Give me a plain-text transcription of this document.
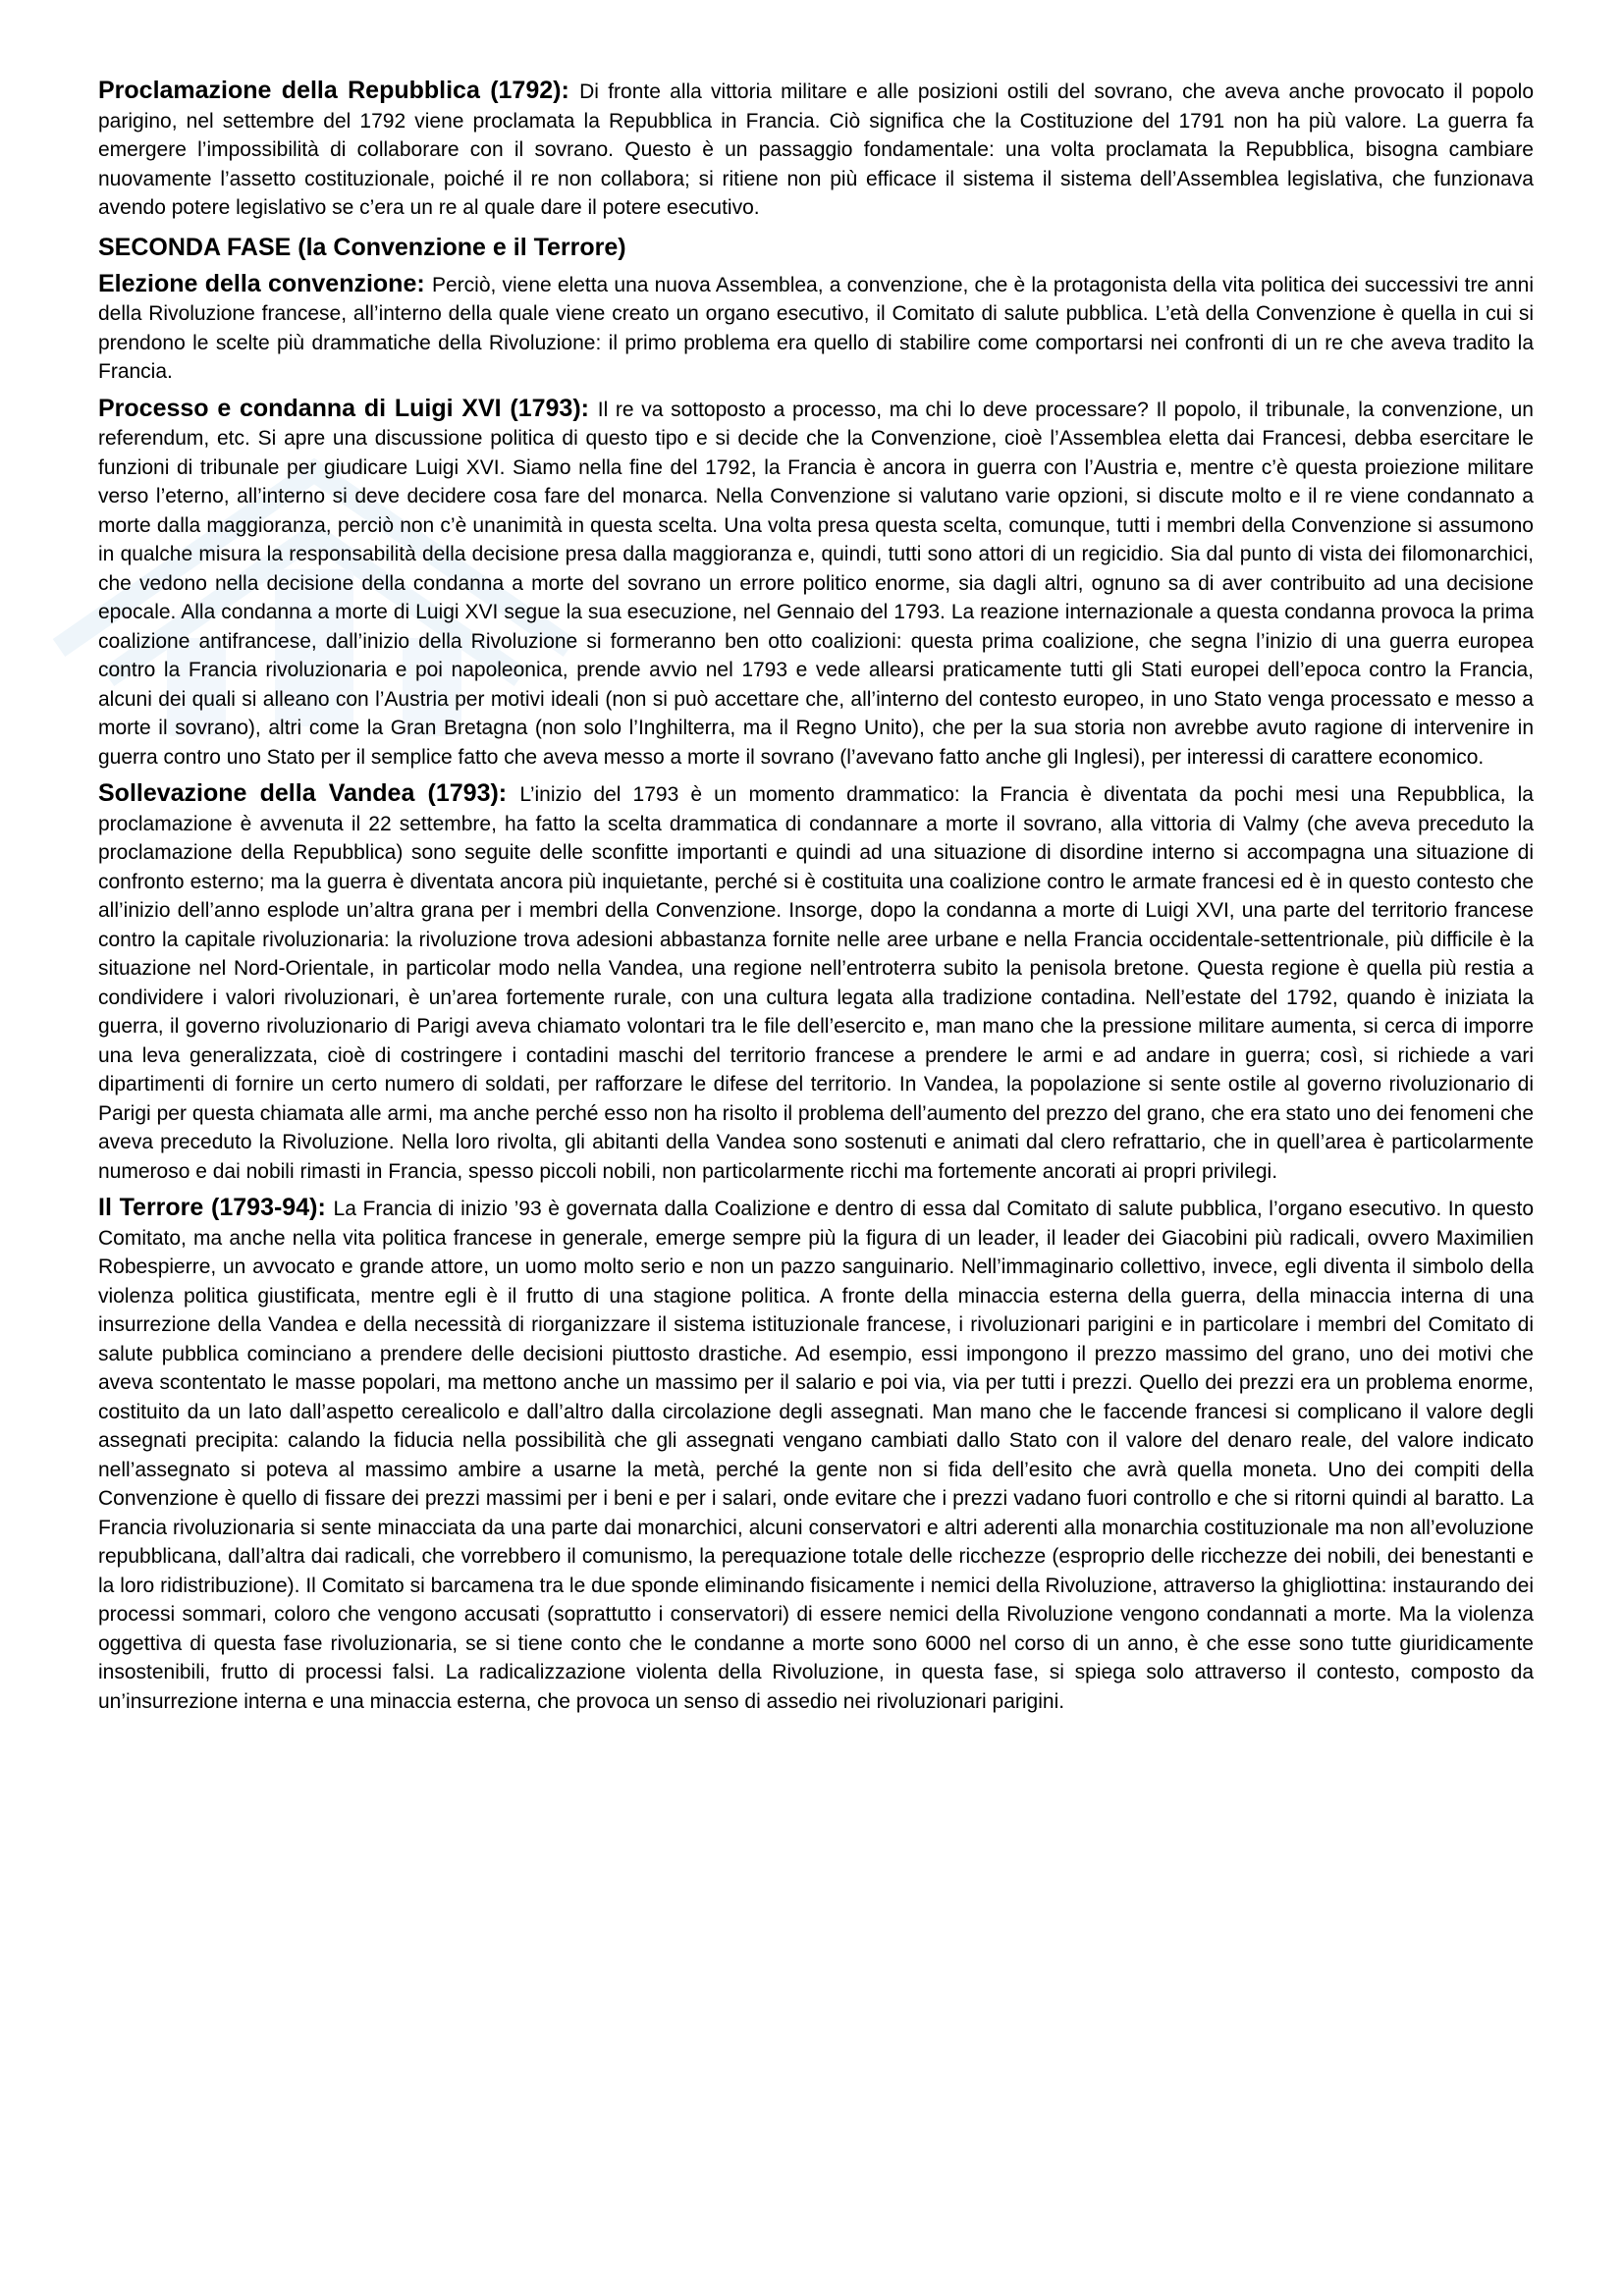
Proclamazione della Repubblica (1792): Di fronte alla vittoria militare e alle posizioni ostili del sovrano, che aveva anche provocato il popolo parigino, nel settembre del 1792 viene proclamata la Repubblica in Francia. Ciò significa che la Costituzione del 1791 non ha più valore. La guerra fa emergere l’impossibilità di collaborare con il sovrano. Questo è un passaggio fondamentale: una volta proclamata la Repubblica, bisogna cambiare nuovamente l’assetto costituzionale, poiché il re non collabora; si ritiene non più efficace il sistema il sistema dell’Assemblea legislativa, che funzionava avendo potere legislativo se c’era un re al quale dare il potere esecutivo.

SECONDA FASE (la Convenzione e il Terrore)

Elezione della convenzione: Perciò, viene eletta una nuova Assemblea, a convenzione, che è la protagonista della vita politica dei successivi tre anni della Rivoluzione francese, all’interno della quale viene creato un organo esecutivo, il Comitato di salute pubblica. L’età della Convenzione è quella in cui si prendono le scelte più drammatiche della Rivoluzione: il primo problema era quello di stabilire come comportarsi nei confronti di un re che aveva tradito la Francia.

Processo e condanna di Luigi XVI (1793): Il re va sottoposto a processo, ma chi lo deve processare? Il popolo, il tribunale, la convenzione, un referendum, etc. Si apre una discussione politica di questo tipo e si decide che la Convenzione, cioè l’Assemblea eletta dai Francesi, debba esercitare le funzioni di tribunale per giudicare Luigi XVI. Siamo nella fine del 1792, la Francia è ancora in guerra con l’Austria e, mentre c’è questa proiezione militare verso l’eterno, all’interno si deve decidere cosa fare del monarca. Nella Convenzione si valutano varie opzioni, si discute molto e il re viene condannato a morte dalla maggioranza, perciò non c’è unanimità in questa scelta. Una volta presa questa scelta, comunque, tutti i membri della Convenzione si assumono in qualche misura la responsabilità della decisione presa dalla maggioranza e, quindi, tutti sono attori di un regicidio. Sia dal punto di vista dei filomonarchici, che vedono nella decisione della condanna a morte del sovrano un errore politico enorme, sia dagli altri, ognuno sa di aver contribuito ad una decisione epocale. Alla condanna a morte di Luigi XVI segue la sua esecuzione, nel Gennaio del 1793. La reazione internazionale a questa condanna provoca la prima coalizione antifrancese, dall’inizio della Rivoluzione si formeranno ben otto coalizioni: questa prima coalizione, che segna l’inizio di una guerra europea contro la Francia rivoluzionaria e poi napoleonica, prende avvio nel 1793 e vede allearsi praticamente tutti gli Stati europei dell’epoca contro la Francia, alcuni dei quali si alleano con l’Austria per motivi ideali (non si può accettare che, all’interno del contesto europeo, in uno Stato venga processato e messo a morte il sovrano), altri come la Gran Bretagna (non solo l’Inghilterra, ma il Regno Unito), che per la sua storia non avrebbe avuto ragione di intervenire in guerra contro uno Stato per il semplice fatto che aveva messo a morte il sovrano (l’avevano fatto anche gli Inglesi), per interessi di carattere economico.

Sollevazione della Vandea (1793): L’inizio del 1793 è un momento drammatico: la Francia è diventata da pochi mesi una Repubblica, la proclamazione è avvenuta il 22 settembre, ha fatto la scelta drammatica di condannare a morte il sovrano, alla vittoria di Valmy (che aveva preceduto la proclamazione della Repubblica) sono seguite delle sconfitte importanti e quindi ad una situazione di disordine interno si accompagna una situazione di confronto esterno; ma la guerra è diventata ancora più inquietante, perché si è costituita una coalizione contro le armate francesi ed è in questo contesto che all’inizio dell’anno esplode un’altra grana per i membri della Convenzione. Insorge, dopo la condanna a morte di Luigi XVI, una parte del territorio francese contro la capitale rivoluzionaria: la rivoluzione trova adesioni abbastanza fornite nelle aree urbane e nella Francia occidentale-settentrionale, più difficile è la situazione nel Nord-Orientale, in particolar modo nella Vandea, una regione nell’entroterra subito la penisola bretone. Questa regione è quella più restia a condividere i valori rivoluzionari, è un’area fortemente rurale, con una cultura legata alla tradizione contadina. Nell’estate del 1792, quando è iniziata la guerra, il governo rivoluzionario di Parigi aveva chiamato volontari tra le file dell’esercito e, man mano che la pressione militare aumenta, si cerca di imporre una leva generalizzata, cioè di costringere i contadini maschi del territorio francese a prendere le armi e ad andare in guerra; così, si richiede a vari dipartimenti di fornire un certo numero di soldati, per rafforzare le difese del territorio. In Vandea, la popolazione si sente ostile al governo rivoluzionario di Parigi per questa chiamata alle armi, ma anche perché esso non ha risolto il problema dell’aumento del prezzo del grano, che era stato uno dei fenomeni che aveva preceduto la Rivoluzione. Nella loro rivolta, gli abitanti della Vandea sono sostenuti e animati dal clero refrattario, che in quell’area è particolarmente numeroso e dai nobili rimasti in Francia, spesso piccoli nobili, non particolarmente ricchi ma fortemente ancorati ai propri privilegi.

Il Terrore (1793-94): La Francia di inizio ’93 è governata dalla Coalizione e dentro di essa dal Comitato di salute pubblica, l’organo esecutivo. In questo Comitato, ma anche nella vita politica francese in generale, emerge sempre più la figura di un leader, il leader dei Giacobini più radicali, ovvero Maximilien Robespierre, un avvocato e grande attore, un uomo molto serio e non un pazzo sanguinario. Nell’immaginario collettivo, invece, egli diventa il simbolo della violenza politica giustificata, mentre egli è il frutto di una stagione politica. A fronte della minaccia esterna della guerra, della minaccia interna di una insurrezione della Vandea e della necessità di riorganizzare il sistema istituzionale francese, i rivoluzionari parigini e in particolare i membri del Comitato di salute pubblica cominciano a prendere delle decisioni piuttosto drastiche. Ad esempio, essi impongono il prezzo massimo del grano, uno dei motivi che aveva scontentato le masse popolari, ma mettono anche un massimo per il salario e poi via, via per tutti i prezzi. Quello dei prezzi era un problema enorme, costituito da un lato dall’aspetto cerealicolo e dall’altro dalla circolazione degli assegnati. Man mano che le faccende francesi si complicano il valore degli assegnati precipita: calando la fiducia nella possibilità che gli assegnati vengano cambiati dallo Stato con il valore del denaro reale, del valore indicato nell’assegnato si poteva al massimo ambire a usarne la metà, perché la gente non si fida dell’esito che avrà quella moneta. Uno dei compiti della Convenzione è quello di fissare dei prezzi massimi per i beni e per i salari, onde evitare che i prezzi vadano fuori controllo e che si ritorni quindi al baratto. La Francia rivoluzionaria si sente minacciata da una parte dai monarchici, alcuni conservatori e altri aderenti alla monarchia costituzionale ma non all’evoluzione repubblicana, dall’altra dai radicali, che vorrebbero il comunismo, la perequazione totale delle ricchezze (esproprio delle ricchezze dei nobili, dei benestanti e la loro ridistribuzione). Il Comitato si barcamena tra le due sponde eliminando fisicamente i nemici della Rivoluzione, attraverso la ghigliottina: instaurando dei processi sommari, coloro che vengono accusati (soprattutto i conservatori) di essere nemici della Rivoluzione vengono condannati a morte. Ma la violenza oggettiva di questa fase rivoluzionaria, se si tiene conto che le condanne a morte sono 6000 nel corso di un anno, è che esse sono tutte giuridicamente insostenibili, frutto di processi falsi. La radicalizzazione violenta della Rivoluzione, in questa fase, si spiega solo attraverso il contesto, composto da un’insurrezione interna e una minaccia esterna, che provoca un senso di assedio nei rivoluzionari parigini.
